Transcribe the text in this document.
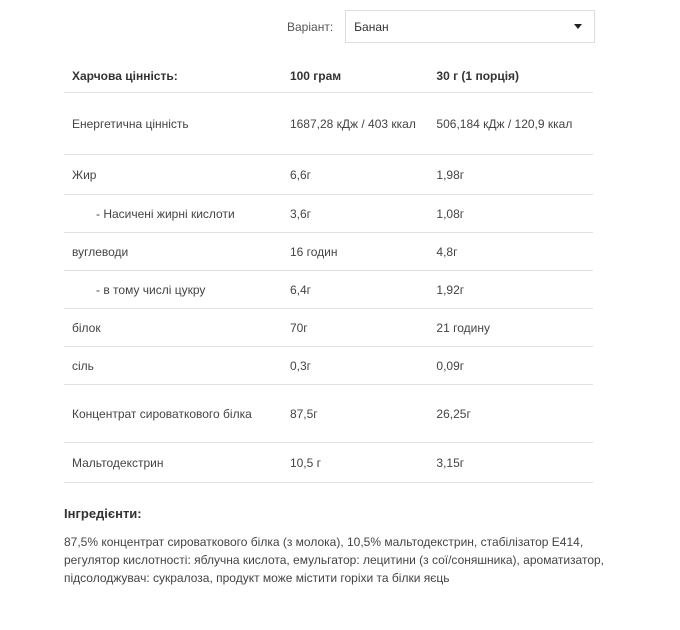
Варіант: Банан
Харчова цінність:	100 грам	30 г (1 порція)
Енергетична цінність	1687,28 кДж / 403 ккал	506,184 кДж / 120,9 ккал
Жир	6,6г	1,98г
- Насичені жирні кислоти	3,6г	1,08г
вуглеводи	16 годин	4,8г
- в тому числі цукру	6,4г	1,92г
білок	70г	21 годину
сіль	0,3г	0,09г
Концентрат сироваткового білка	87,5г	26,25г
Мальтодекстрин	10,5 г	3,15г
Інгредієнти:
87,5% концентрат сироваткового білка (з молока), 10,5% мальтодекстрин, стабілізатор Е414, регулятор кислотності: яблучна кислота, емульгатор: лецитини (з сої/соняшника), ароматизатор, підсолоджувач: сукралоза, продукт може містити горіхи та білки яєць
